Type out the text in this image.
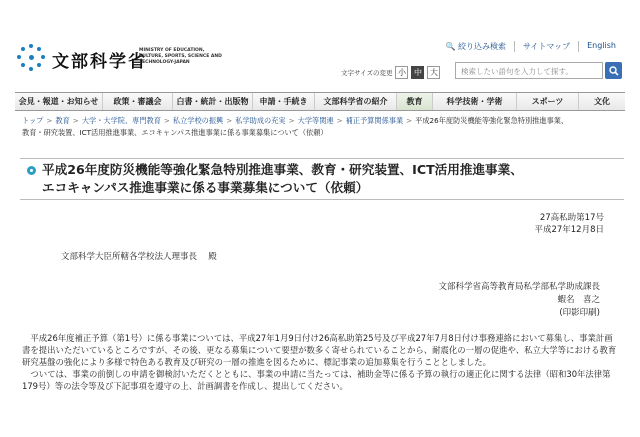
文部科学省
MINISTRY OF EDUCATION, CULTURE, SPORTS, SCIENCE AND TECHNOLOGY-JAPAN
🔍 絞り込み検索	サイトマップ	English
文字サイズの変更 小	中	大	検索したい語句を入力して探す。
会見・報道・お知らせ	政策・審議会	白書・統計・出版物	申請・手続き	文部科学省の紹介	教育	科学技術・学術	スポーツ	文化
トップ > 教育 > 大学・大学院、専門教育 > 私立学校の振興 > 私学助成の充実 > 大学等関連 > 補正予算関係事業 > 平成26年度防災機能等強化緊急特別推進事業、
教育・研究装置、ICT活用推進事業、エコキャンパス推進事業に係る事業募集について（依頼）
平成26年度防災機能等強化緊急特別推進事業、教育・研究装置、ICT活用推進事業、
エコキャンパス推進事業に係る事業募集について（依頼）
27高私助第17号
平成27年12月8日
文部科学大臣所轄各学校法人理事長　 殿
文部科学省高等教育局私学部私学助成課長
蝦名　喜之
(印影印刷)

平成26年度補正予算（第1号）に係る事業については、平成27年1月9日付け26高私助第25号及び平成27年7月8日付け事務連絡において募集し、事業計画書を提出いただいているところですが、その後、更なる募集について要望が数多く寄せられていることから、耐震化の一層の促進や、私立大学等における教育研究基盤の強化により多様で特色ある教育及び研究の一層の推進を図るために、標記事業の追加募集を行うこととしました。

ついては、事業の前倒しの申請を御検討いただくとともに、事業の申請に当たっては、補助金等に係る予算の執行の適正化に関する法律（昭和30年法律第179号）等の法令等及び下記事項を遵守の上、計画調書を作成し、提出してください。
